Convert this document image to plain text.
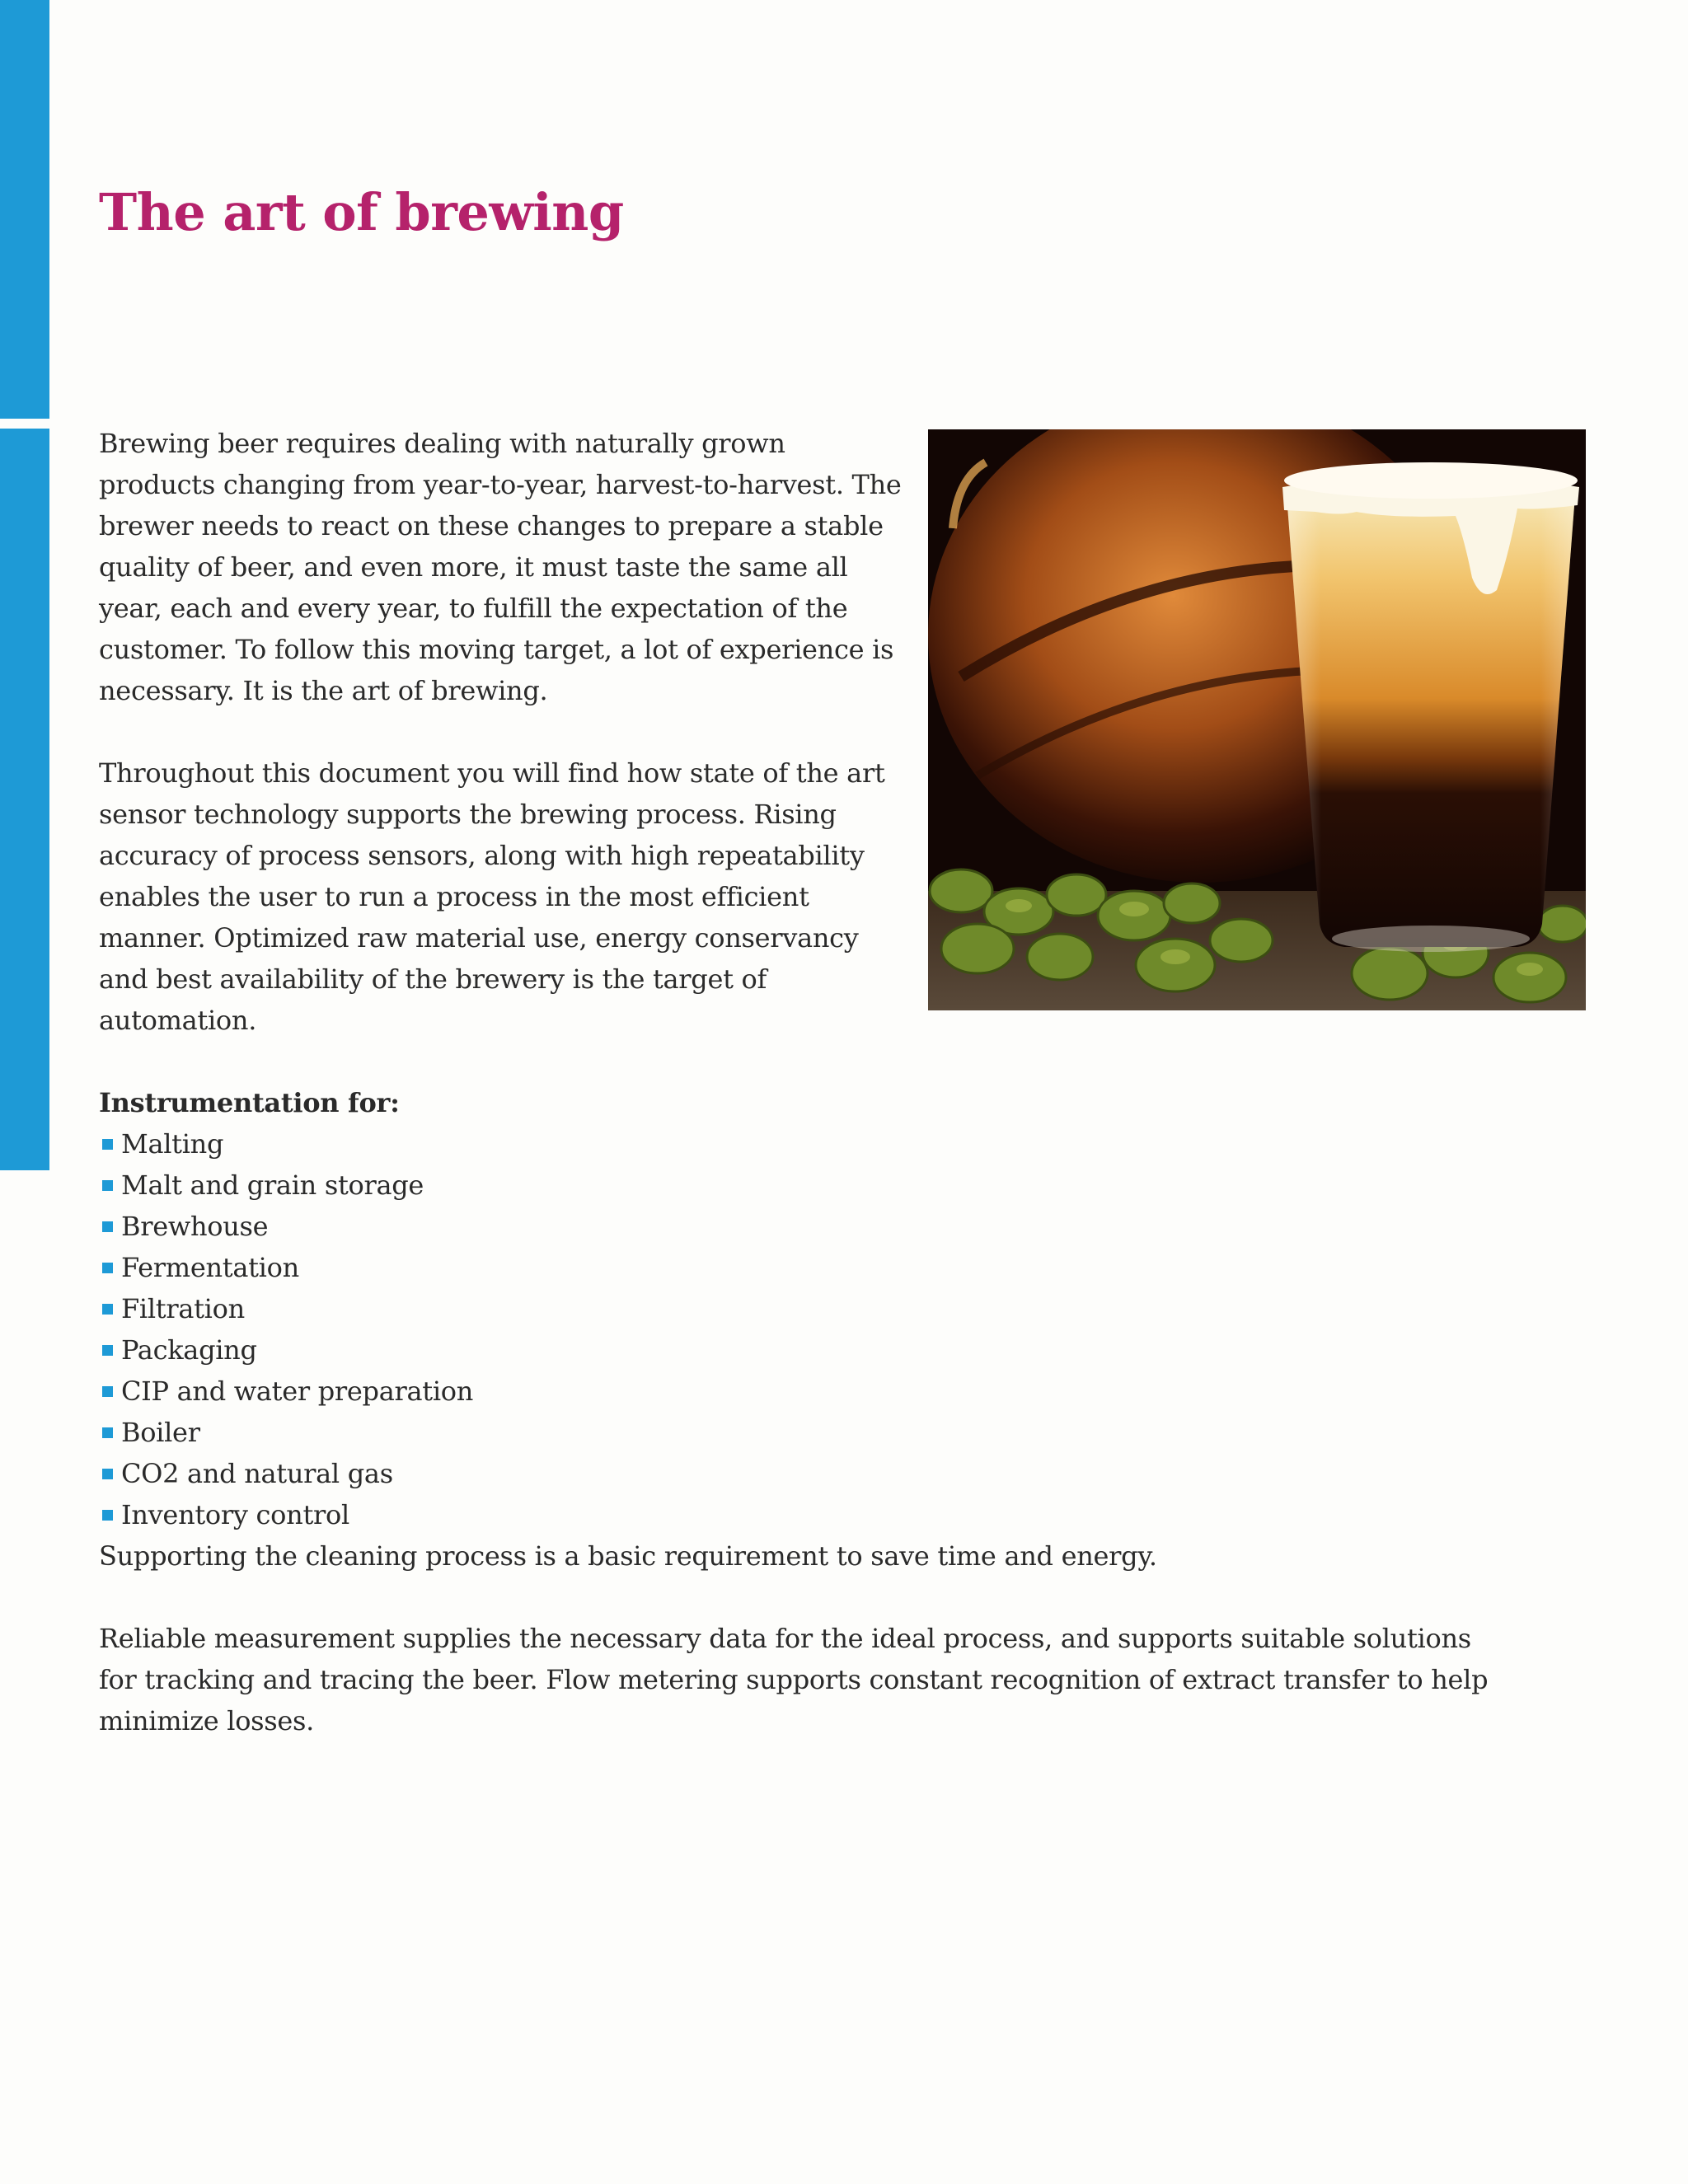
The art of brewing

Brewing beer requires dealing with naturally grown products changing from year-to-year, harvest-to-harvest. The brewer needs to react on these changes to prepare a stable quality of beer, and even more, it must taste the same all year, each and every year, to fulfill the expectation of the customer. To follow this moving target, a lot of experience is necessary. It is the art of brewing.

Throughout this document you will find how state of the art sensor technology supports the brewing process. Rising accuracy of process sensors, along with high repeatability enables the user to run a process in the most efficient manner. Optimized raw material use, energy conservancy and best availability of the brewery is the target of automation.

Instrumentation for:
Malting
Malt and grain storage
Brewhouse
Fermentation
Filtration
Packaging
CIP and water preparation
Boiler
CO2 and natural gas
Inventory control

Supporting the cleaning process is a basic requirement to save time and energy.

Reliable measurement supplies the necessary data for the ideal process, and supports suitable solutions for tracking and tracing the beer. Flow metering supports constant recognition of extract transfer to help minimize losses.
